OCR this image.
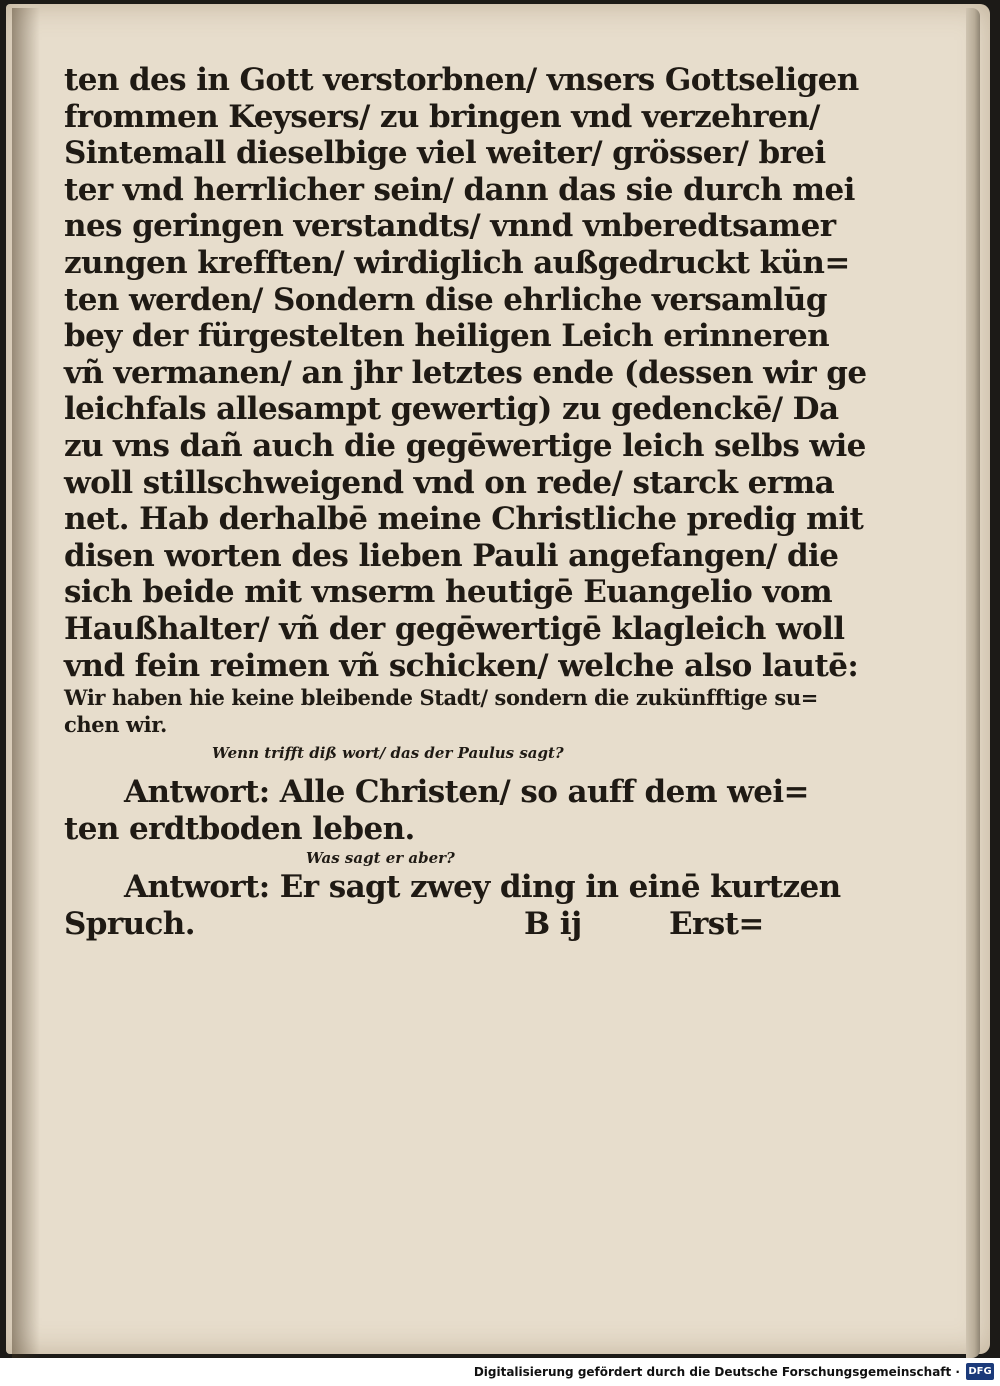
ten des in Gott verstorbnen/ vnsers Gottseligen
frommen Keysers/ zu bringen vnd verzehren/
Sintemall dieselbige viel weiter/ grösser/ brei
ter vnd herrlicher sein/ dann das sie durch mei
nes geringen verstandts/ vnnd vnberedtsamer
zungen krefften/ wirdiglich außgedruckt kün=
ten werden/ Sondern dise ehrliche versamlūg
bey der fürgestelten heiligen Leich erinneren
vñ vermanen/ an jhr letztes ende (dessen wir ge
leichfals allesampt gewertig) zu gedenckē/ Da
zu vns dañ auch die gegēwertige leich selbs wie
woll stillschweigend vnd on rede/ starck erma
net. Hab derhalbē meine Christliche predig mit
disen worten des lieben Pauli angefangen/ die
sich beide mit vnserm heutigē Euangelio vom
Haußhalter/ vñ der gegēwertigē klagleich woll
vnd fein reimen vñ schicken/ welche also lautē:
Wir haben hie keine bleibende Stadt/ sondern die zukünfftige su=
chen wir.
Wenn trifft diß wort/ das der Paulus sagt?
Antwort: Alle Christen/ so auff dem wei=
ten erdtboden leben.
Was sagt er aber?
Antwort: Er sagt zwey ding in einē kurtzen
Spruch.	B ij	Erst=
Digitalisierung gefördert durch die Deutsche Forschungsgemeinschaft · DFG
